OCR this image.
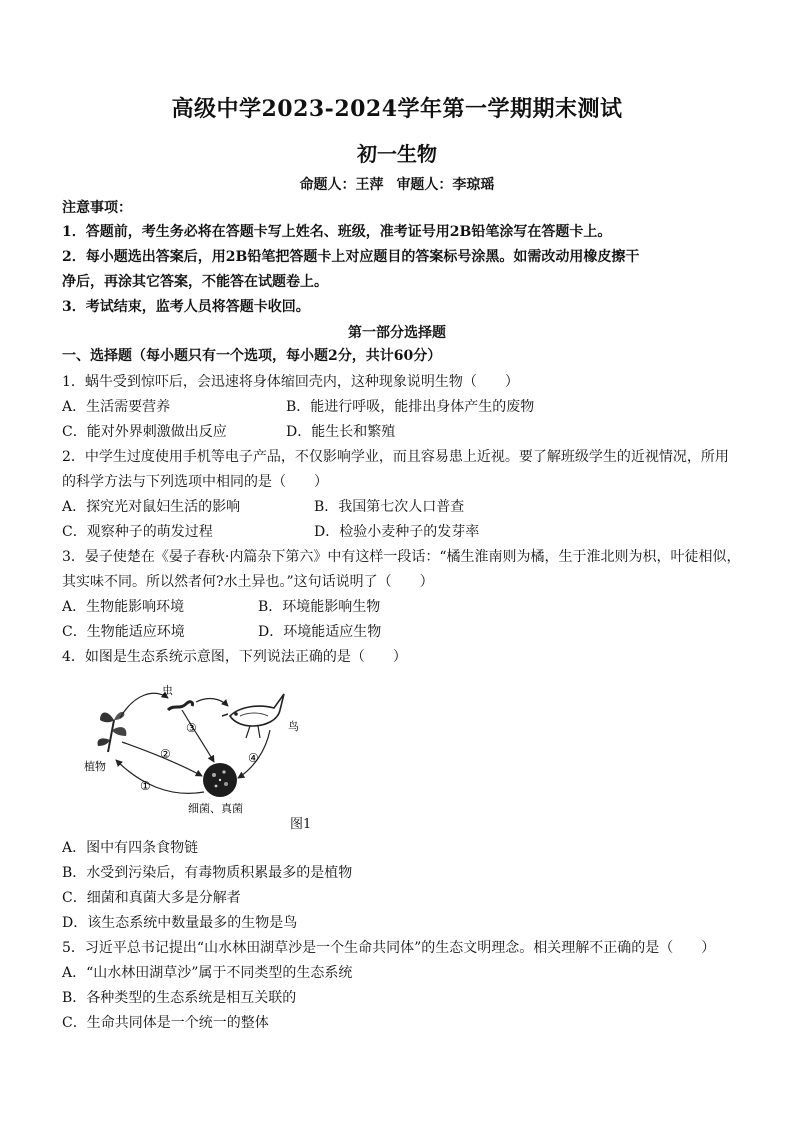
高级中学2023-2024学年第一学期期末测试
初一生物
命题人：王萍 审题人：李琼瑶
注意事项：
1．答题前，考生务必将在答题卡写上姓名、班级，准考证号用2B铅笔涂写在答题卡上。
2．每小题选出答案后，用2B铅笔把答题卡上对应题目的答案标号涂黑。如需改动用橡皮擦干
净后，再涂其它答案，不能答在试题卷上。
3．考试结束，监考人员将答题卡收回。
第一部分选择题
一、选择题（每小题只有一个选项，每小题2分，共计60分）
1．蜗牛受到惊吓后，会迅速将身体缩回壳内，这种现象说明生物（　　）
A．生活需要营养	B．能进行呼吸，能排出身体产生的废物
C．能对外界刺激做出反应	D．能生长和繁殖
2．中学生过度使用手机等电子产品，不仅影响学业，而且容易患上近视。要了解班级学生的近视情况，所用
的科学方法与下列选项中相同的是（　　）
A．探究光对鼠妇生活的影响	B．我国第七次人口普查
C．观察种子的萌发过程	D．检验小麦种子的发芽率
3．晏子使楚在《晏子春秋·内篇杂下第六》中有这样一段话：“橘生淮南则为橘，生于淮北则为枳，叶徒相似，
其实味不同。所以然者何?水土异也。”这句话说明了（　　）
A．生物能影响环境	B．环境能影响生物
C．生物能适应环境	D．环境能适应生物
4．如图是生态系统示意图，下列说法正确的是（　　）
虫
鸟
植物
细菌、真菌
③
②
①
④
图1
A．图中有四条食物链
B．水受到污染后，有毒物质积累最多的是植物
C．细菌和真菌大多是分解者
D．该生态系统中数量最多的生物是鸟
5．习近平总书记提出“山水林田湖草沙是一个生命共同体”的生态文明理念。相关理解不正确的是（　　）
A．“山水林田湖草沙”属于不同类型的生态系统
B．各种类型的生态系统是相互关联的
C．生命共同体是一个统一的整体
